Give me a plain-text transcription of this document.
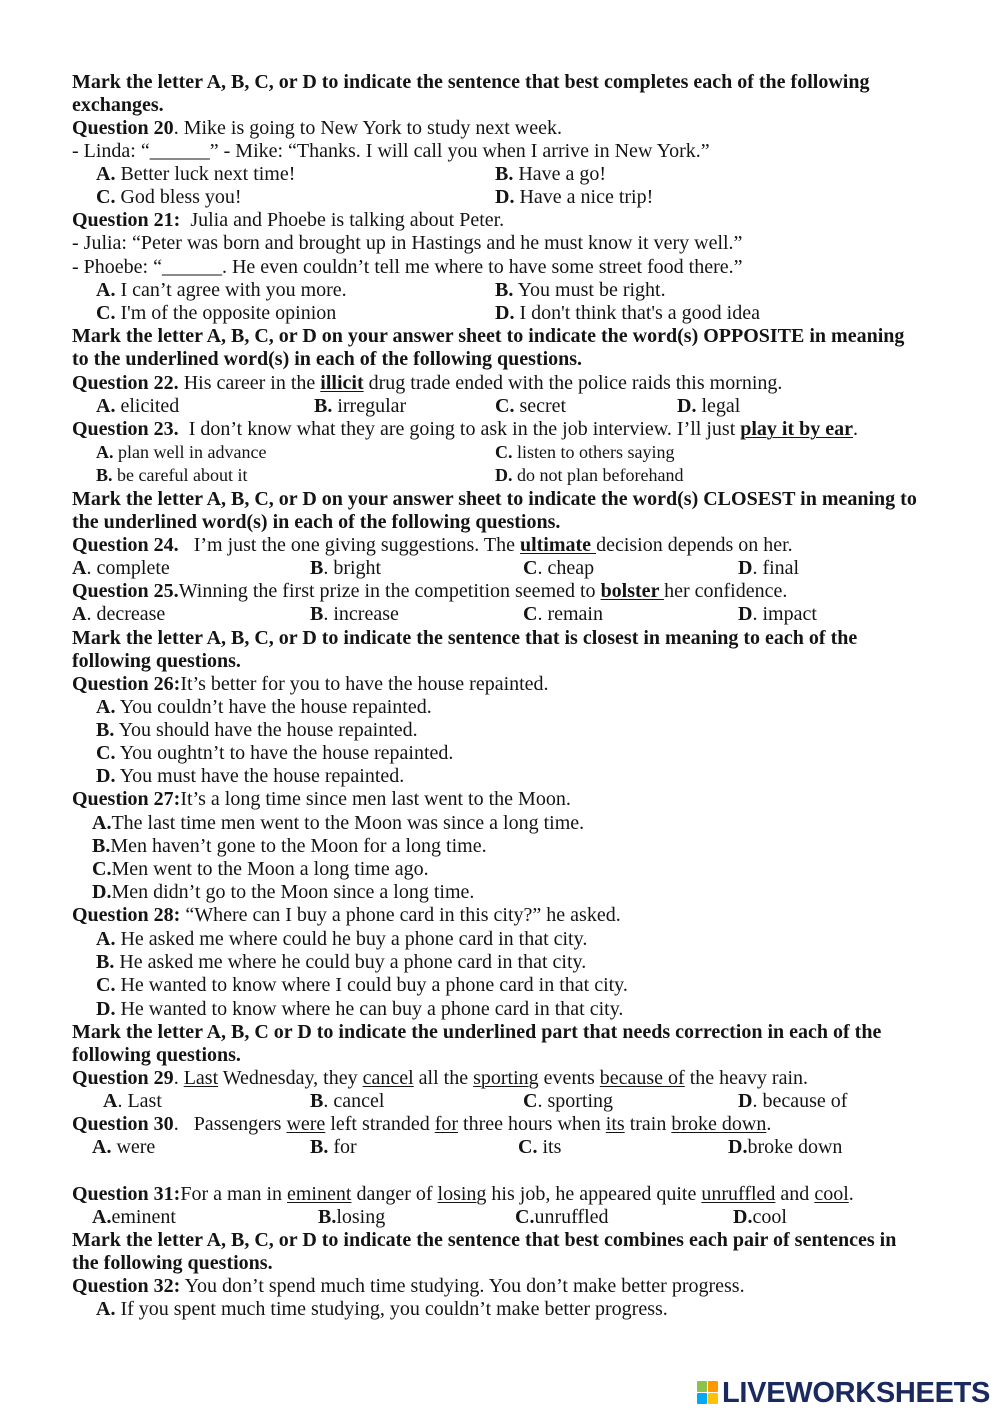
Mark the letter A, B, C, or D to indicate the sentence that best completes each of the following
exchanges.
Question 20. Mike is going to New York to study next week.
- Linda: “______” - Mike: “Thanks. I will call you when I arrive in New York.”
A. Better luck next time!	B. Have a go!
C. God bless you!	D. Have a nice trip!
Question 21:  Julia and Phoebe is talking about Peter.
- Julia: “Peter was born and brought up in Hastings and he must know it very well.”
- Phoebe: “______. He even couldn’t tell me where to have some street food there.”
A. I can’t agree with you more.	B. You must be right.
C. I'm of the opposite opinion	D. I don't think that's a good idea
Mark the letter A, B, C, or D on your answer sheet to indicate the word(s) OPPOSITE in meaning
to the underlined word(s) in each of the following questions.
Question 22. His career in the illicit drug trade ended with the police raids this morning.
A. elicited	B. irregular	C. secret	D. legal
Question 23.  I don’t know what they are going to ask in the job interview. I’ll just play it by ear.
A. plan well in advance	C. listen to others saying
B. be careful about it	D. do not plan beforehand
Mark the letter A, B, C, or D on your answer sheet to indicate the word(s) CLOSEST in meaning to
the underlined word(s) in each of the following questions.
Question 24.   I’m just the one giving suggestions. The ultimate decision depends on her.
A. complete	B. bright	C. cheap	D. final
Question 25.Winning the first prize in the competition seemed to bolster her confidence.
A. decrease	B. increase	C. remain	D. impact
Mark the letter A, B, C, or D to indicate the sentence that is closest in meaning to each of the
following questions.
Question 26:It’s better for you to have the house repainted.
A. You couldn’t have the house repainted.
B. You should have the house repainted.
C. You oughtn’t to have the house repainted.
D. You must have the house repainted.
Question 27:It’s a long time since men last went to the Moon.
A.The last time men went to the Moon was since a long time.
B.Men haven’t gone to the Moon for a long time.
C.Men went to the Moon a long time ago.
D.Men didn’t go to the Moon since a long time.
Question 28: “Where can I buy a phone card in this city?” he asked.
A. He asked me where could he buy a phone card in that city.
B. He asked me where he could buy a phone card in that city.
C. He wanted to know where I could buy a phone card in that city.
D. He wanted to know where he can buy a phone card in that city.
Mark the letter A, B, C or D to indicate the underlined part that needs correction in each of the
following questions.
Question 29. Last Wednesday, they cancel all the sporting events because of the heavy rain.
A. Last	B. cancel	C. sporting	D. because of
Question 30.   Passengers were left stranded for three hours when its train broke down.
A. were	B. for	C. its	D.broke down
Question 31:For a man in eminent danger of losing his job, he appeared quite unruffled and cool.
A.eminent	B.losing	C.unruffled	D.cool
Mark the letter A, B, C, or D to indicate the sentence that best combines each pair of sentences in
the following questions.
Question 32: You don’t spend much time studying. You don’t make better progress.
A. If you spent much time studying, you couldn’t make better progress.
LIVEWORKSHEETS
